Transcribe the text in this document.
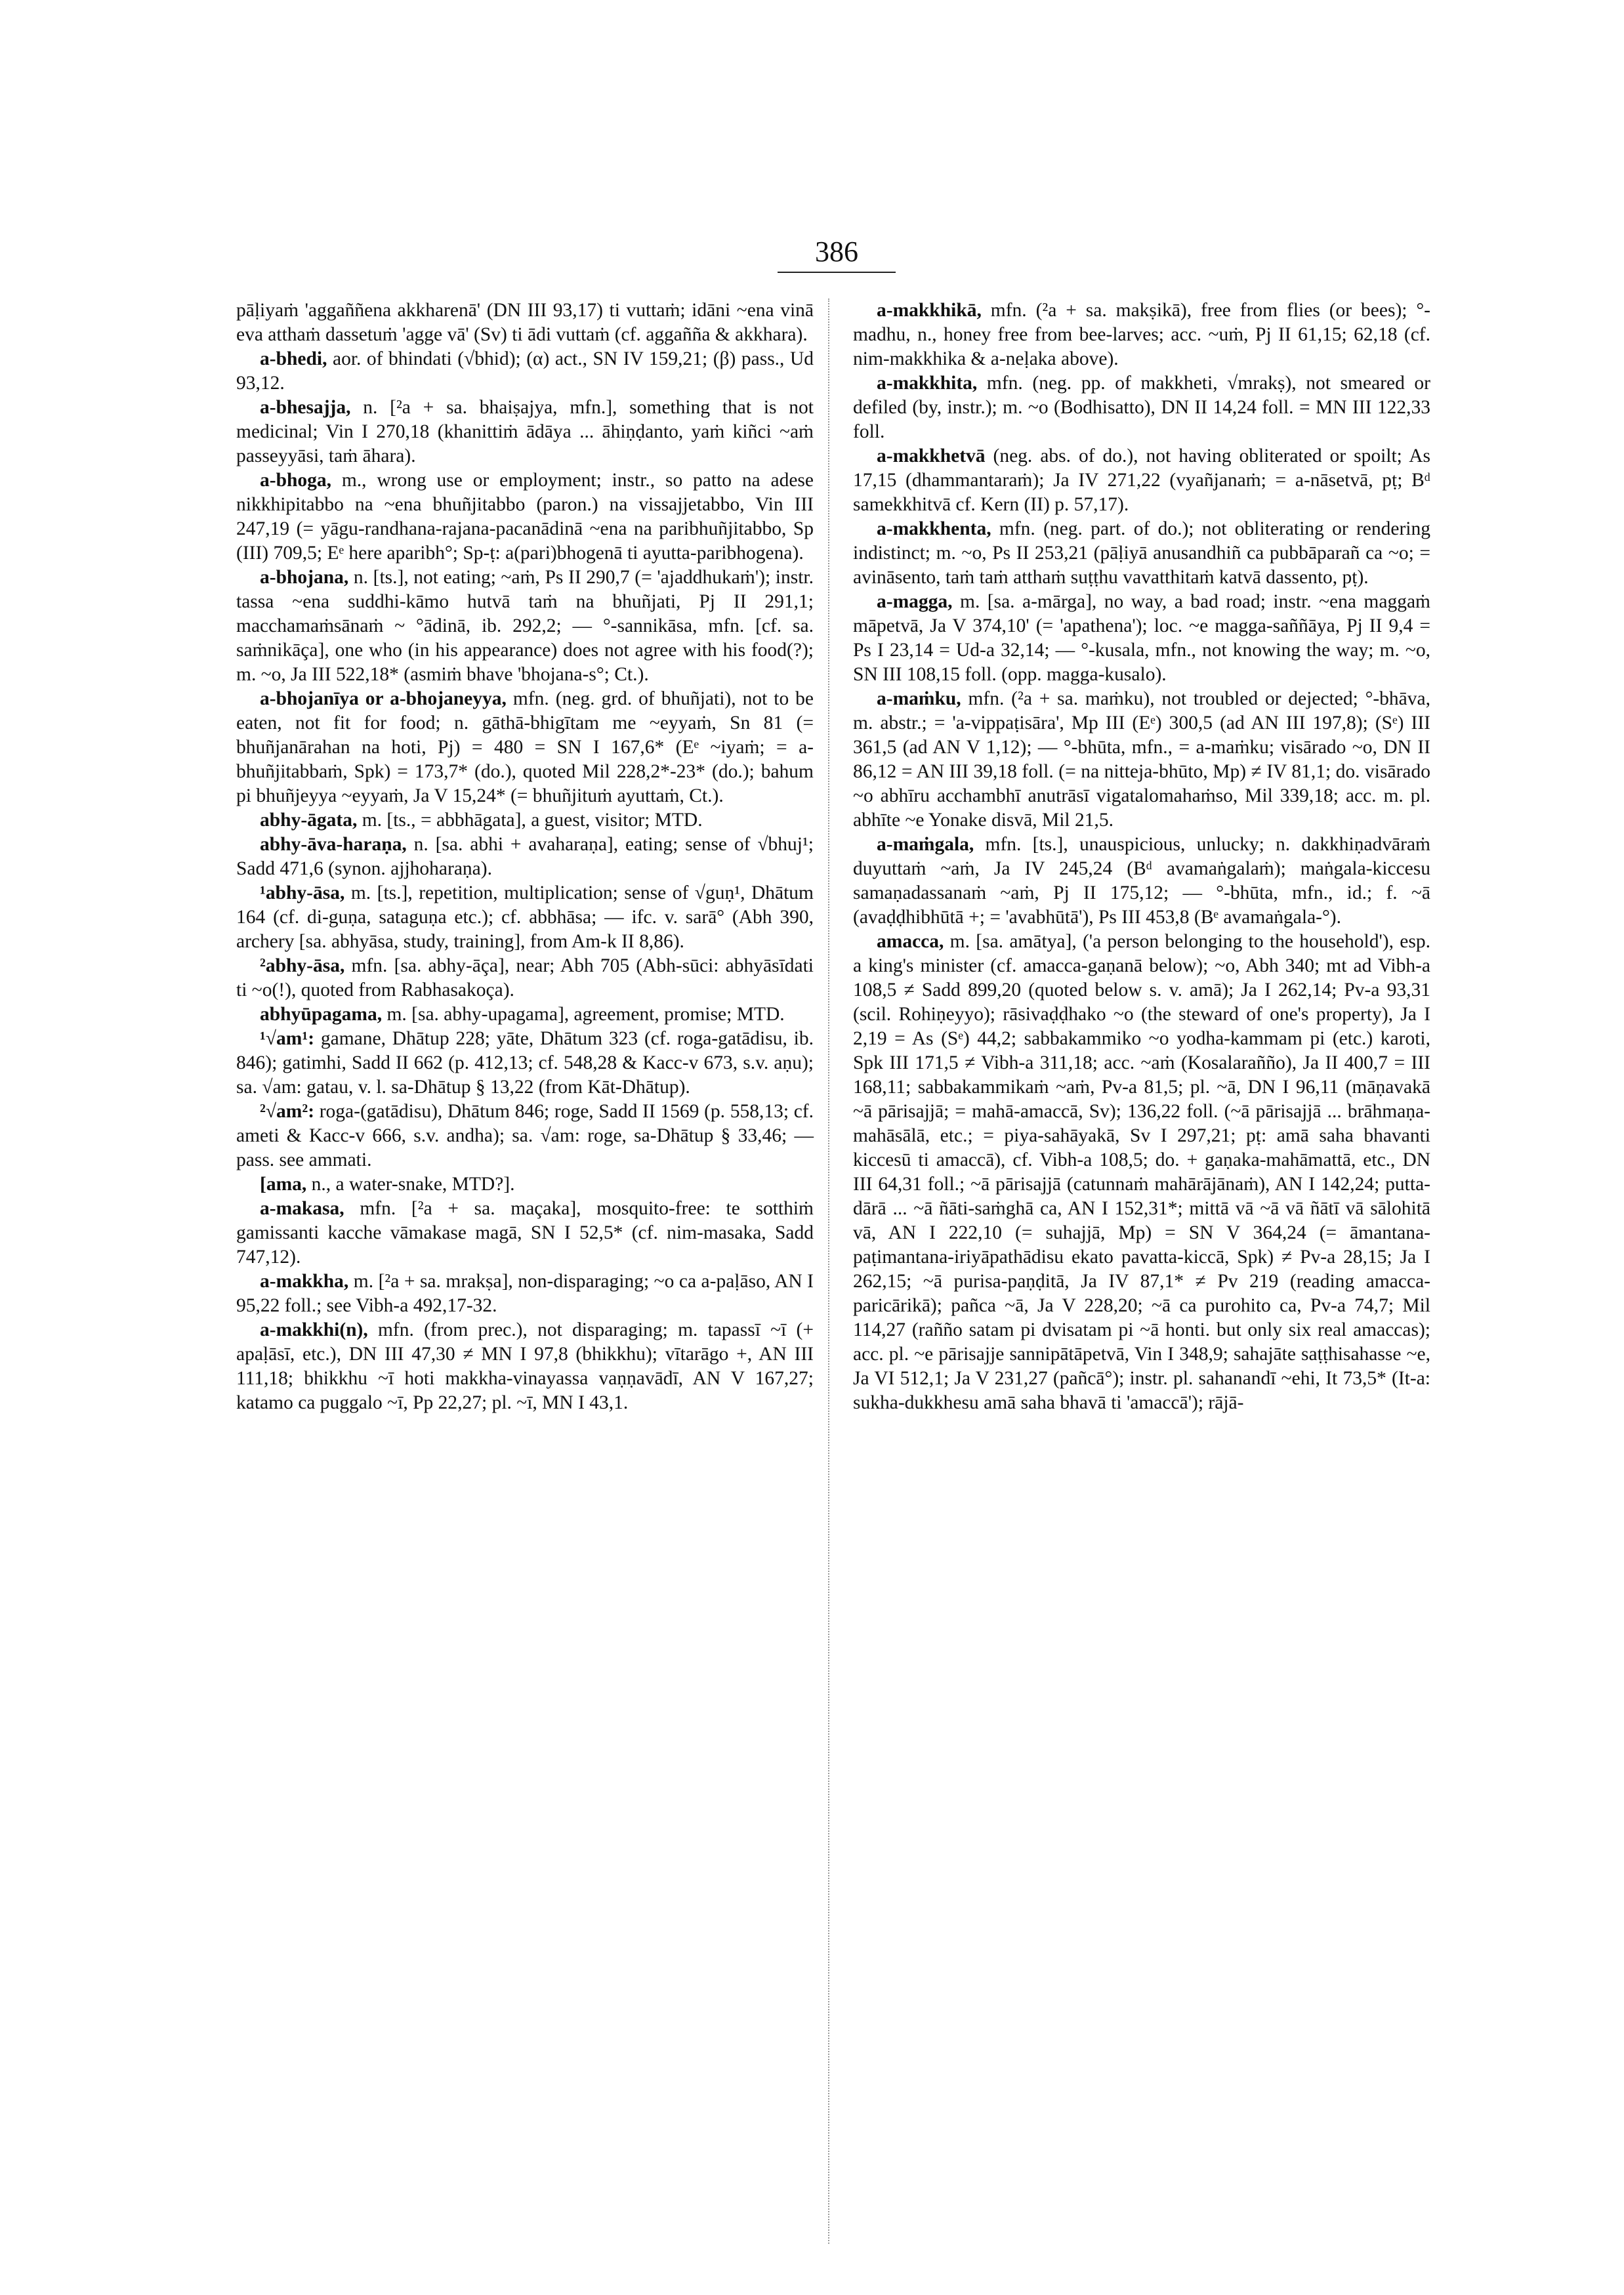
386

pāḷiyaṁ 'aggaññena akkharenā' (DN III 93,17) ti vuttaṁ; idāni ~ena vinā eva atthaṁ dassetuṁ 'agge vā' (Sv) ti ādi vuttaṁ (cf. aggañña & akkhara).

a-bhedi, aor. of bhindati (√bhid); (α) act., SN IV 159,21; (β) pass., Ud 93,12.

a-bhesajja, n. [²a + sa. bhaiṣajya, mfn.], something that is not medicinal; Vin I 270,18 (khanittiṁ ādāya ... āhiṇḍanto, yaṁ kiñci ~aṁ passeyyāsi, taṁ āhara).

a-bhoga, m., wrong use or employment; instr., so patto na adese nikkhipitabbo na ~ena bhuñjitabbo (paron.) na vissajjetabbo, Vin III 247,19 (= yāgu-randhana-rajana-pacanādinā ~ena na paribhuñjitabbo, Sp (III) 709,5; Eᵉ here aparibh°; Sp-ṭ: a(pari)bhogenā ti ayutta-paribhogena).

a-bhojana, n. [ts.], not eating; ~aṁ, Ps II 290,7 (= 'ajaddhukaṁ'); instr. tassa ~ena suddhi-kāmo hutvā taṁ na bhuñjati, Pj II 291,1; macchamaṁsānaṁ ~ °ādinā, ib. 292,2; — °-sannikāsa, mfn. [cf. sa. saṁnikāça], one who (in his appearance) does not agree with his food(?); m. ~o, Ja III 522,18* (asmiṁ bhave 'bhojana-s°; Ct.).

a-bhojanīya or a-bhojaneyya, mfn. (neg. grd. of bhuñjati), not to be eaten, not fit for food; n. gāthā-bhigītam me ~eyyaṁ, Sn 81 (= bhuñjanārahan na hoti, Pj) = 480 = SN I 167,6* (Eᵉ ~iyaṁ; = a-bhuñjitabbaṁ, Spk) = 173,7* (do.), quoted Mil 228,2*-23* (do.); bahum pi bhuñjeyya ~eyyaṁ, Ja V 15,24* (= bhuñjituṁ ayuttaṁ, Ct.).

abhy-āgata, m. [ts., = abbhāgata], a guest, visitor; MTD.

abhy-āva-haraṇa, n. [sa. abhi + avaharaṇa], eating; sense of √bhuj¹; Sadd 471,6 (synon. ajjhoharaṇa).

¹abhy-āsa, m. [ts.], repetition, multiplication; sense of √guṇ¹, Dhātum 164 (cf. di-guṇa, sataguṇa etc.); cf. abbhāsa; — ifc. v. sarā° (Abh 390, archery [sa. abhyāsa, study, training], from Am-k II 8,86).

²abhy-āsa, mfn. [sa. abhy-āça], near; Abh 705 (Abh-sūci: abhyāsīdati ti ~o(!), quoted from Rabhasakoça).

abhyūpagama, m. [sa. abhy-upagama], agreement, promise; MTD.

¹√am¹: gamane, Dhātup 228; yāte, Dhātum 323 (cf. roga-gatādisu, ib. 846); gatimhi, Sadd II 662 (p. 412,13; cf. 548,28 & Kacc-v 673, s.v. aṇu); sa. √am: gatau, v. l. sa-Dhātup § 13,22 (from Kāt-Dhātup).

²√am²: roga-(gatādisu), Dhātum 846; roge, Sadd II 1569 (p. 558,13; cf. ameti & Kacc-v 666, s.v. andha); sa. √am: roge, sa-Dhātup § 33,46; — pass. see ammati.

[ama, n., a water-snake, MTD?].

a-makasa, mfn. [²a + sa. maçaka], mosquito-free: te sotthiṁ gamissanti kacche vāmakase magā, SN I 52,5* (cf. nim-masaka, Sadd 747,12).

a-makkha, m. [²a + sa. mrakṣa], non-disparaging; ~o ca a-paḷāso, AN I 95,22 foll.; see Vibh-a 492,17-32.

a-makkhi(n), mfn. (from prec.), not disparaging; m. tapassī ~ī (+ apaḷāsī, etc.), DN III 47,30 ≠ MN I 97,8 (bhikkhu); vītarāgo +, AN III 111,18; bhikkhu ~ī hoti makkha-vinayassa vaṇṇavādī, AN V 167,27; katamo ca puggalo ~ī, Pp 22,27; pl. ~ī, MN I 43,1.

a-makkhikā, mfn. (²a + sa. makṣikā), free from flies (or bees); °-madhu, n., honey free from bee-larves; acc. ~uṁ, Pj II 61,15; 62,18 (cf. nim-makkhika & a-neḷaka above).

a-makkhita, mfn. (neg. pp. of makkheti, √mrakṣ), not smeared or defiled (by, instr.); m. ~o (Bodhisatto), DN II 14,24 foll. = MN III 122,33 foll.

a-makkhetvā (neg. abs. of do.), not having obliterated or spoilt; As 17,15 (dhammantaraṁ); Ja IV 271,22 (vyañjanaṁ; = a-nāsetvā, pṭ; Bᵈ samekkhitvā cf. Kern (II) p. 57,17).

a-makkhenta, mfn. (neg. part. of do.); not obliterating or rendering indistinct; m. ~o, Ps II 253,21 (pāḷiyā anusandhiñ ca pubbāparañ ca ~o; = avināsento, taṁ taṁ atthaṁ suṭṭhu vavatthitaṁ katvā dassento, pṭ).

a-magga, m. [sa. a-mārga], no way, a bad road; instr. ~ena maggaṁ māpetvā, Ja V 374,10' (= 'apathena'); loc. ~e magga-saññāya, Pj II 9,4 = Ps I 23,14 = Ud-a 32,14; — °-kusala, mfn., not knowing the way; m. ~o, SN III 108,15 foll. (opp. magga-kusalo).

a-maṁku, mfn. (²a + sa. maṁku), not troubled or dejected; °-bhāva, m. abstr.; = 'a-vippaṭisāra', Mp III (Eᵉ) 300,5 (ad AN III 197,8); (Sᵉ) III 361,5 (ad AN V 1,12); — °-bhūta, mfn., = a-maṁku; visārado ~o, DN II 86,12 = AN III 39,18 foll. (= na nitteja-bhūto, Mp) ≠ IV 81,1; do. visārado ~o abhīru acchambhī anutrāsī vigatalomahaṁso, Mil 339,18; acc. m. pl. abhīte ~e Yonake disvā, Mil 21,5.

a-maṁgala, mfn. [ts.], unauspicious, unlucky; n. dakkhiṇadvāraṁ duyuttaṁ ~aṁ, Ja IV 245,24 (Bᵈ avamaṅgalaṁ); maṅgala-kiccesu samaṇadassanaṁ ~aṁ, Pj II 175,12; — °-bhūta, mfn., id.; f. ~ā (avaḍḍhibhūtā +; = 'avabhūtā'), Ps III 453,8 (Bᵉ avamaṅgala-°).

amacca, m. [sa. amātya], ('a person belonging to the household'), esp. a king's minister (cf. amacca-gaṇanā below); ~o, Abh 340; mt ad Vibh-a 108,5 ≠ Sadd 899,20 (quoted below s. v. amā); Ja I 262,14; Pv-a 93,31 (scil. Rohiṇeyyo); rāsivaḍḍhako ~o (the steward of one's property), Ja I 2,19 = As (Sᵉ) 44,2; sabbakammiko ~o yodha-kammam pi (etc.) karoti, Spk III 171,5 ≠ Vibh-a 311,18; acc. ~aṁ (Kosalarañño), Ja II 400,7 = III 168,11; sabbakammikaṁ ~aṁ, Pv-a 81,5; pl. ~ā, DN I 96,11 (māṇavakā ~ā pārisajjā; = mahā-amaccā, Sv); 136,22 foll. (~ā pārisajjā ... brāhmaṇa-mahāsālā, etc.; = piya-sahāyakā, Sv I 297,21; pṭ: amā saha bhavanti kiccesū ti amaccā), cf. Vibh-a 108,5; do. + gaṇaka-mahāmattā, etc., DN III 64,31 foll.; ~ā pārisajjā (catunnaṁ mahārājānaṁ), AN I 142,24; putta-dārā ... ~ā ñāti-saṁghā ca, AN I 152,31*; mittā vā ~ā vā ñātī vā sālohitā vā, AN I 222,10 (= suhajjā, Mp) = SN V 364,24 (= āmantana-paṭimantana-iriyāpathādisu ekato pavatta-kiccā, Spk) ≠ Pv-a 28,15; Ja I 262,15; ~ā purisa-paṇḍitā, Ja IV 87,1* ≠ Pv 219 (reading amacca-paricārikā); pañca ~ā, Ja V 228,20; ~ā ca purohito ca, Pv-a 74,7; Mil 114,27 (rañño satam pi dvisatam pi ~ā honti. but only six real amaccas); acc. pl. ~e pārisajje sannipātāpetvā, Vin I 348,9; sahajāte saṭṭhisahasse ~e, Ja VI 512,1; Ja V 231,27 (pañcā°); instr. pl. sahanandī ~ehi, It 73,5* (It-a: sukha-dukkhesu amā saha bhavā ti 'amaccā'); rājā-
